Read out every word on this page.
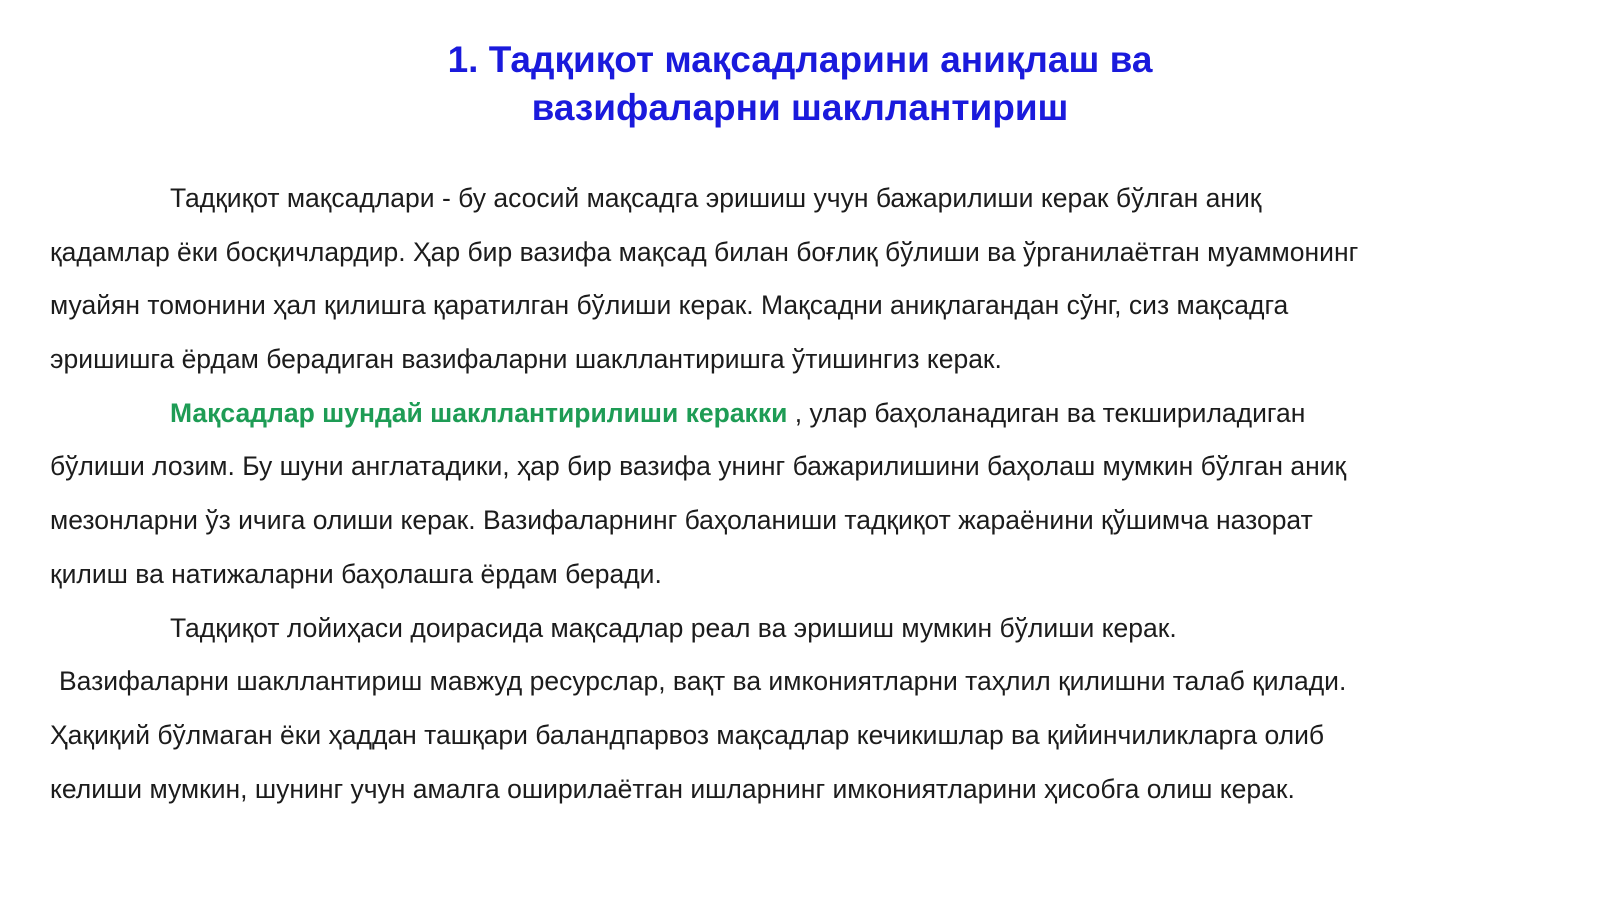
1. Тадқиқот мақсадларини аниқлаш ва
вазифаларни шакллантириш
Тадқиқот мақсадлари - бу асосий мақсадга эришиш учун бажарилиши керак бўлган аниқ
қадамлар ёки босқичлардир. Ҳар бир вазифа мақсад билан боғлиқ бўлиши ва ўрганилаётган муаммонинг
муайян томонини ҳал қилишга қаратилган бўлиши керак. Мақсадни аниқлагандан сўнг, сиз мақсадга
эришишга ёрдам берадиган вазифаларни шакллантиришга ўтишингиз керак.
Мақсадлар шундай шакллантирилиши керакки , улар баҳоланадиган ва текшириладиган
бўлиши лозим. Бу шуни англатадики, ҳар бир вазифа унинг бажарилишини баҳолаш мумкин бўлган аниқ
мезонларни ўз ичига олиши керак. Вазифаларнинг баҳоланиши тадқиқот жараёнини қўшимча назорат
қилиш ва натижаларни баҳолашга ёрдам беради.
Тадқиқот лойиҳаси доирасида мақсадлар реал ва эришиш мумкин бўлиши керак.
Вазифаларни шакллантириш мавжуд ресурслар, вақт ва имкониятларни таҳлил қилишни талаб қилади.
Ҳақиқий бўлмаган ёки ҳаддан ташқари баландпарвоз мақсадлар кечикишлар ва қийинчиликларга олиб
келиши мумкин, шунинг учун амалга оширилаётган ишларнинг имкониятларини ҳисобга олиш керак.
